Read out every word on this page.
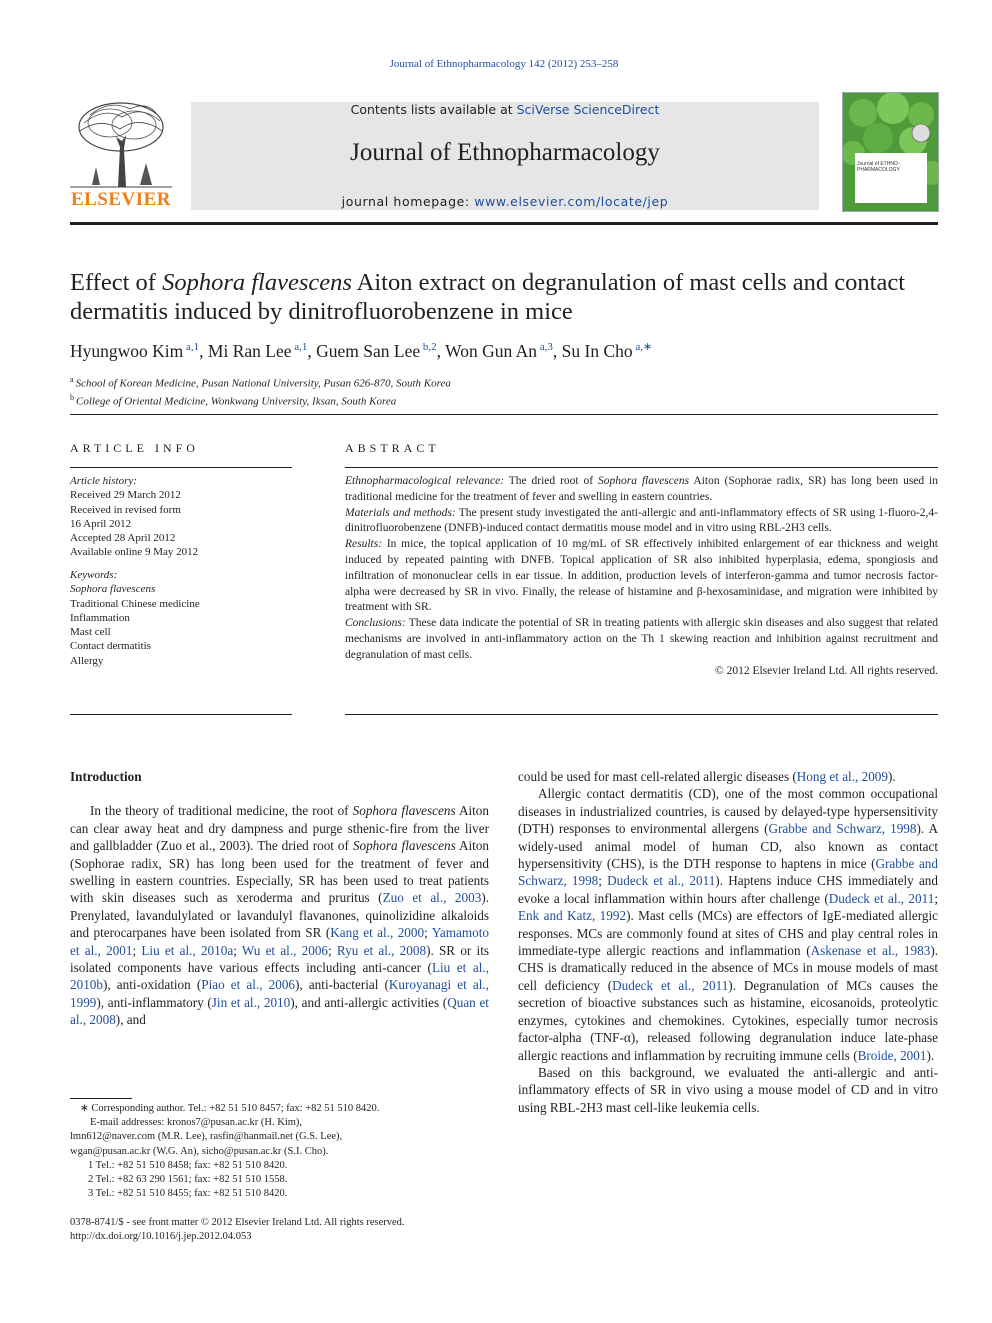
Journal of Ethnopharmacology 142 (2012) 253–258
ELSEVIER
Contents lists available at SciVerse ScienceDirect
Journal of Ethnopharmacology
journal homepage: www.elsevier.com/locate/jep
Journal of ETHNO-PHARMACOLOGY
Effect of Sophora flavescens Aiton extract on degranulation of mast cells and contact dermatitis induced by dinitrofluorobenzene in mice
Hyungwoo Kim $^{a,1}$, Mi Ran Lee $^{a,1}$, Guem San Lee $^{b,2}$, Won Gun An $^{a,3}$, Su In Cho $^{a,∗}$
$^a$ School of Korean Medicine, Pusan National University, Pusan 626-870, South Korea
$^b$ College of Oriental Medicine, Wonkwang University, Iksan, South Korea
ARTICLE INFO	ABSTRACT
Article history:
Received 29 March 2012
Received in revised form
16 April 2012
Accepted 28 April 2012
Available online 9 May 2012
Keywords:
Sophora flavescens
Traditional Chinese medicine
Inflammation
Mast cell
Contact dermatitis
Allergy

Ethnopharmacological relevance: The dried root of Sophora flavescens Aiton (Sophorae radix, SR) has long been used in traditional medicine for the treatment of fever and swelling in eastern countries.

Materials and methods: The present study investigated the anti-allergic and anti-inflammatory effects of SR using 1-fluoro-2,4-dinitrofluorobenzene (DNFB)-induced contact dermatitis mouse model and in vitro using RBL-2H3 cells.

Results: In mice, the topical application of 10 mg/mL of SR effectively inhibited enlargement of ear thickness and weight induced by repeated painting with DNFB. Topical application of SR also inhibited hyperplasia, edema, spongiosis and infiltration of mononuclear cells in ear tissue. In addition, production levels of interferon-gamma and tumor necrosis factor-alpha were decreased by SR in vivo. Finally, the release of histamine and β-hexosaminidase, and migration were inhibited by treatment with SR.

Conclusions: These data indicate the potential of SR in treating patients with allergic skin diseases and also suggest that related mechanisms are involved in anti-inflammatory action on the Th 1 skewing reaction and inhibition against recruitment and degranulation of mast cells.

© 2012 Elsevier Ireland Ltd. All rights reserved.

Introduction

In the theory of traditional medicine, the root of Sophora flavescens Aiton can clear away heat and dry dampness and purge sthenic-fire from the liver and gallbladder (Zuo et al., 2003). The dried root of Sophora flavescens Aiton (Sophorae radix, SR) has long been used for the treatment of fever and swelling in eastern countries. Especially, SR has been used to treat patients with skin diseases such as xeroderma and pruritus (Zuo et al., 2003). Prenylated, lavandulylated or lavandulyl flavanones, quinolizidine alkaloids and pterocarpanes have been isolated from SR (Kang et al., 2000; Yamamoto et al., 2001; Liu et al., 2010a; Wu et al., 2006; Ryu et al., 2008). SR or its isolated components have various effects including anti-cancer (Liu et al., 2010b), anti-oxidation (Piao et al., 2006), anti-bacterial (Kuroyanagi et al., 1999), anti-inflammatory (Jin et al., 2010), and anti-allergic activities (Quan et al., 2008), and

could be used for mast cell-related allergic diseases (Hong et al., 2009).

Allergic contact dermatitis (CD), one of the most common occupational diseases in industrialized countries, is caused by delayed-type hypersensitivity (DTH) responses to environmental allergens (Grabbe and Schwarz, 1998). A widely-used animal model of human CD, also known as contact hypersensitivity (CHS), is the DTH response to haptens in mice (Grabbe and Schwarz, 1998; Dudeck et al., 2011). Haptens induce CHS immediately and evoke a local inflammation within hours after challenge (Dudeck et al., 2011; Enk and Katz, 1992). Mast cells (MCs) are effectors of IgE-mediated allergic responses. MCs are commonly found at sites of CHS and play central roles in immediate-type allergic reactions and inflammation (Askenase et al., 1983). CHS is dramatically reduced in the absence of MCs in mouse models of mast cell deficiency (Dudeck et al., 2011). Degranulation of MCs causes the secretion of bioactive substances such as histamine, eicosanoids, proteolytic enzymes, cytokines and chemokines. Cytokines, especially tumor necrosis factor-alpha (TNF-α), released following degranulation induce late-phase allergic reactions and inflammation by recruiting immune cells (Broide, 2001).

Based on this background, we evaluated the anti-allergic and anti-inflammatory effects of SR in vivo using a mouse model of CD and in vitro using RBL-2H3 mast cell-like leukemia cells.

∗ Corresponding author. Tel.: +82 51 510 8457; fax: +82 51 510 8420.
E-mail addresses: kronos7@pusan.ac.kr (H. Kim),
lmn612@naver.com (M.R. Lee), rasfin@hanmail.net (G.S. Lee),
wgan@pusan.ac.kr (W.G. An), sicho@pusan.ac.kr (S.I. Cho).
1 Tel.: +82 51 510 8458; fax: +82 51 510 8420.
2 Tel.: +82 63 290 1561; fax: +82 51 510 1558.
3 Tel.: +82 51 510 8455; fax: +82 51 510 8420.
0378-8741/$ - see front matter © 2012 Elsevier Ireland Ltd. All rights reserved.
http://dx.doi.org/10.1016/j.jep.2012.04.053
